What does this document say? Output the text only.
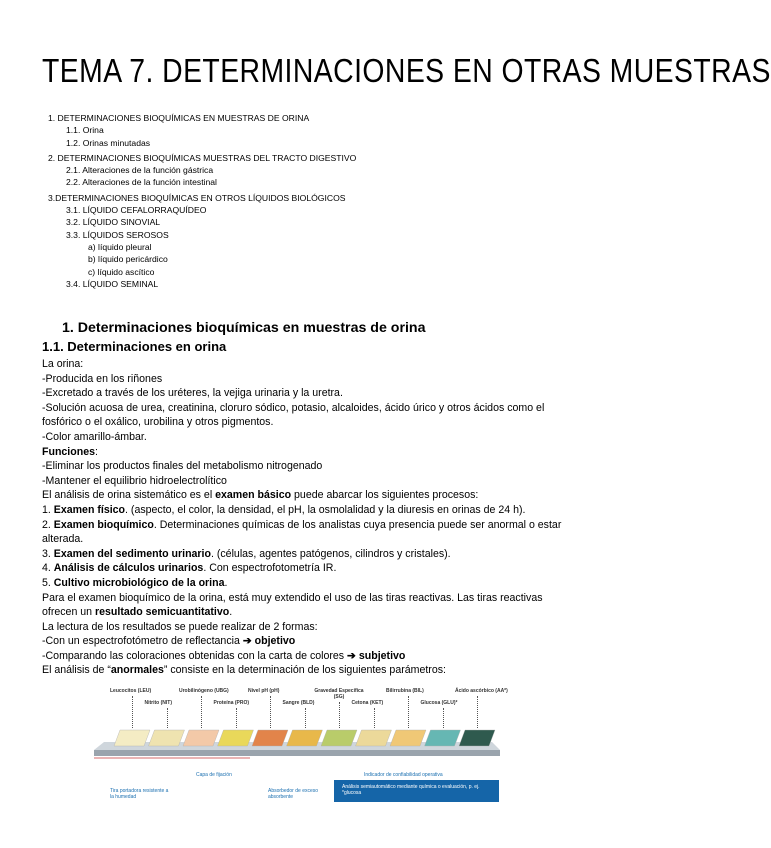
TEMA 7. DETERMINACIONES EN OTRAS MUESTRAS
1. DETERMINACIONES BIOQUÍMICAS EN MUESTRAS DE ORINA
1.1. Orina
1.2. Orinas minutadas
2. DETERMINACIONES BIOQUÍMICAS MUESTRAS DEL TRACTO DIGESTIVO
2.1. Alteraciones de la función gástrica
2.2. Alteraciones de la función intestinal
3.DETERMINACIONES BIOQUÍMICAS EN OTROS LÍQUIDOS BIOLÓGICOS
3.1. LÍQUIDO CEFALORRAQUÍDEO
3.2. LÍQUIDO SINOVIAL
3.3. LÍQUIDOS SEROSOS
a) líquido pleural
b) líquido pericárdico
c) líquido ascítico
3.4. LÍQUIDO SEMINAL
1. Determinaciones bioquímicas en muestras de orina
1.1. Determinaciones en orina

La orina:

-Producida en los riñones

-Excretado a través de los uréteres, la vejiga urinaria y la uretra.

-Solución acuosa de urea, creatinina, cloruro sódico, potasio, alcaloides, ácido úrico y otros ácidos como el fosfórico o el oxálico, urobilina y otros pigmentos.

-Color amarillo-ámbar.

Funciones:

-Eliminar los productos finales del metabolismo nitrogenado

-Mantener el equilibrio hidroelectrolítico

El análisis de orina sistemático es el examen básico puede abarcar los siguientes procesos:

1. Examen físico. (aspecto, el color, la densidad, el pH, la osmolalidad y la diuresis en orinas de 24 h).

2. Examen bioquímico. Determinaciones químicas de los analistas cuya presencia puede ser anormal o estar alterada.

3. Examen del sedimento urinario. (células, agentes patógenos, cilindros y cristales).

4. Análisis de cálculos urinarios. Con espectrofotometría IR.

5. Cultivo microbiológico de la orina.

Para el examen bioquímico de la orina, está muy extendido el uso de las tiras reactivas. Las tiras reactivas ofrecen un resultado semicuantitativo.

La lectura de los resultados se puede realizar de 2 formas:

-Con un espectrofotómetro de reflectancia ➔ objetivo

-Comparando las coloraciones obtenidas con la carta de colores ➔ subjetivo

El análisis de “anormales” consiste en la determinación de los siguientes parámetros:

Tira portadora resistente a la humedad
Capa de fijación
Absorbedor de exceso absorbente
Indicador de confiabilidad operativa
Análisis semiautomático mediante química o evaluación, p. ej. *glucosa
Leucocitos (LEU)
Nitrito (NIT)
Urobilinógeno (UBG)
Proteína (PRO)
Nivel pH (pH)
Sangre (BLD)
Gravedad Específica (SG)
Cetona (KET)
Bilirrubina (BIL)
Glucosa (GLU)*
Ácido ascórbico (AA*)
